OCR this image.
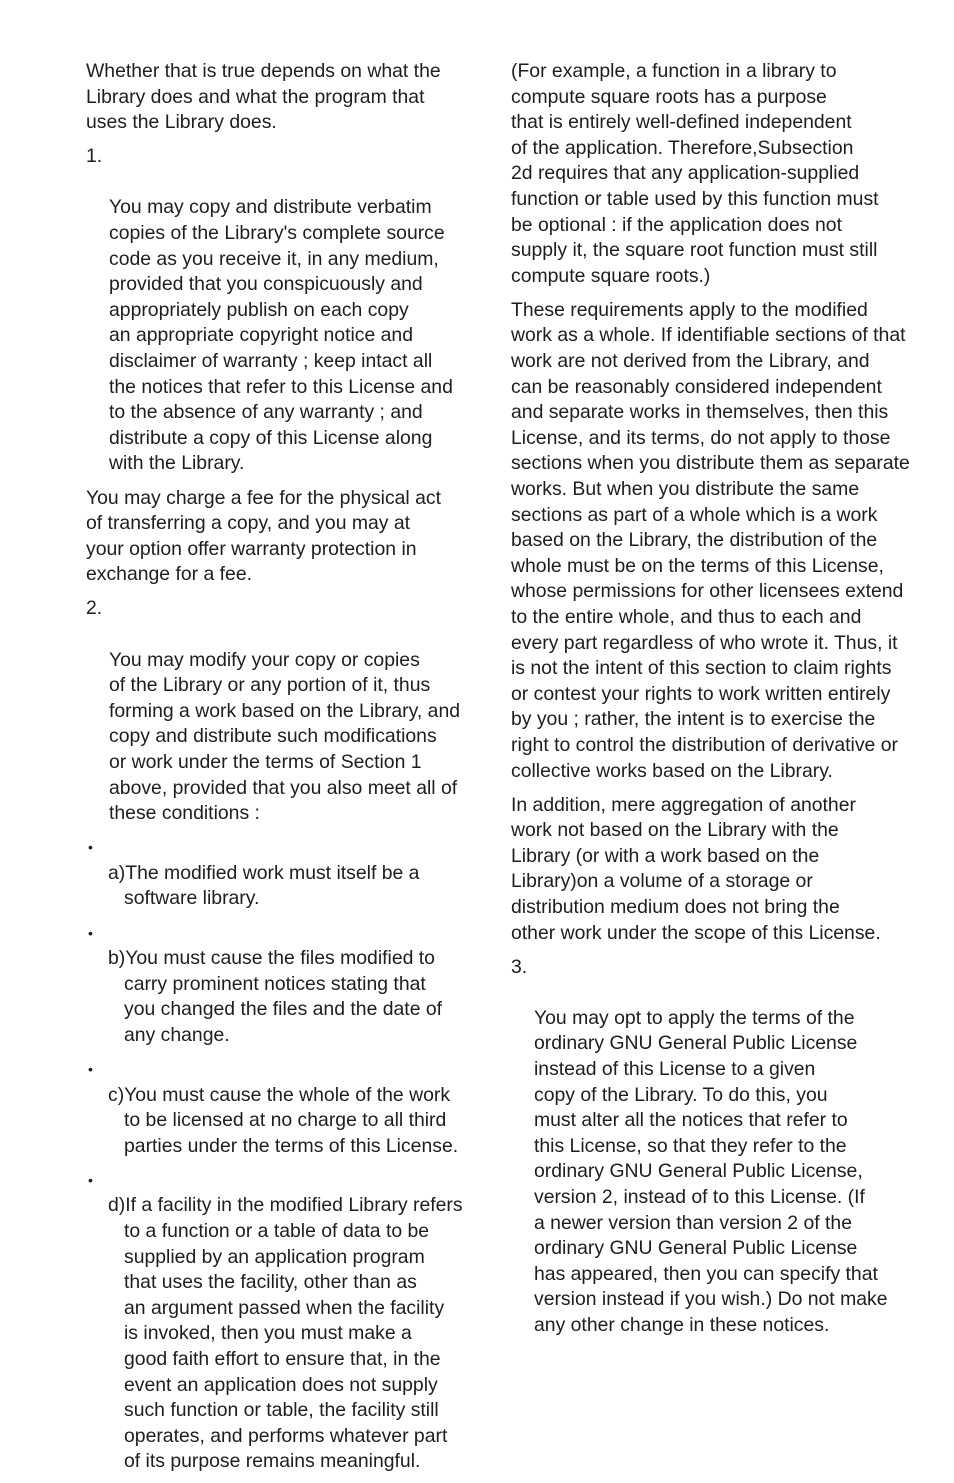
Whether that is true depends on what the
Library does and what the program that
uses the Library does.

1.

You may copy and distribute verbatim
copies of the Library's complete source
code as you receive it, in any medium,
provided that you conspicuously and
appropriately publish on each copy
an appropriate copyright notice and
disclaimer of warranty ; keep intact all
the notices that refer to this License and
to the absence of any warranty ; and
distribute a copy of this License along
with the Library.

You may charge a fee for the physical act
of transferring a copy, and you may at
your option offer warranty protection in
exchange for a fee.

2.

You may modify your copy or copies
of the Library or any portion of it, thus
forming a work based on the Library, and
copy and distribute such modifications
or work under the terms of Section 1
above, provided that you also meet all of
these conditions :

•
a)The modified work must itself be a
software library.

•
b)You must cause the files modified to
carry prominent notices stating that
you changed the files and the date of
any change.

•
c)You must cause the whole of the work
to be licensed at no charge to all third
parties under the terms of this License.

•
d)If a facility in the modified Library refers
to a function or a table of data to be
supplied by an application program
that uses the facility, other than as
an argument passed when the facility
is invoked, then you must make a
good faith effort to ensure that, in the
event an application does not supply
such function or table, the facility still
operates, and performs whatever part
of its purpose remains meaningful.

(For example, a function in a library to
compute square roots has a purpose
that is entirely well-defined independent
of the application. Therefore,Subsection
2d requires that any application-supplied
function or table used by this function must
be optional : if the application does not
supply it, the square root function must still
compute square roots.)

These requirements apply to the modified
work as a whole. If identifiable sections of that
work are not derived from the Library, and
can be reasonably considered independent
and separate works in themselves, then this
License, and its terms, do not apply to those
sections when you distribute them as separate
works. But when you distribute the same
sections as part of a whole which is a work
based on the Library, the distribution of the
whole must be on the terms of this License,
whose permissions for other licensees extend
to the entire whole, and thus to each and
every part regardless of who wrote it. Thus, it
is not the intent of this section to claim rights
or contest your rights to work written entirely
by you ; rather, the intent is to exercise the
right to control the distribution of derivative or
collective works based on the Library.

In addition, mere aggregation of another
work not based on the Library with the
Library (or with a work based on the
Library)on a volume of a storage or
distribution medium does not bring the
other work under the scope of this License.

3.

You may opt to apply the terms of the
ordinary GNU General Public License
instead of this License to a given
copy of the Library. To do this, you
must alter all the notices that refer to
this License, so that they refer to the
ordinary GNU General Public License,
version 2, instead of to this License. (If
a newer version than version 2 of the
ordinary GNU General Public License
has appeared, then you can specify that
version instead if you wish.) Do not make
any other change in these notices.
